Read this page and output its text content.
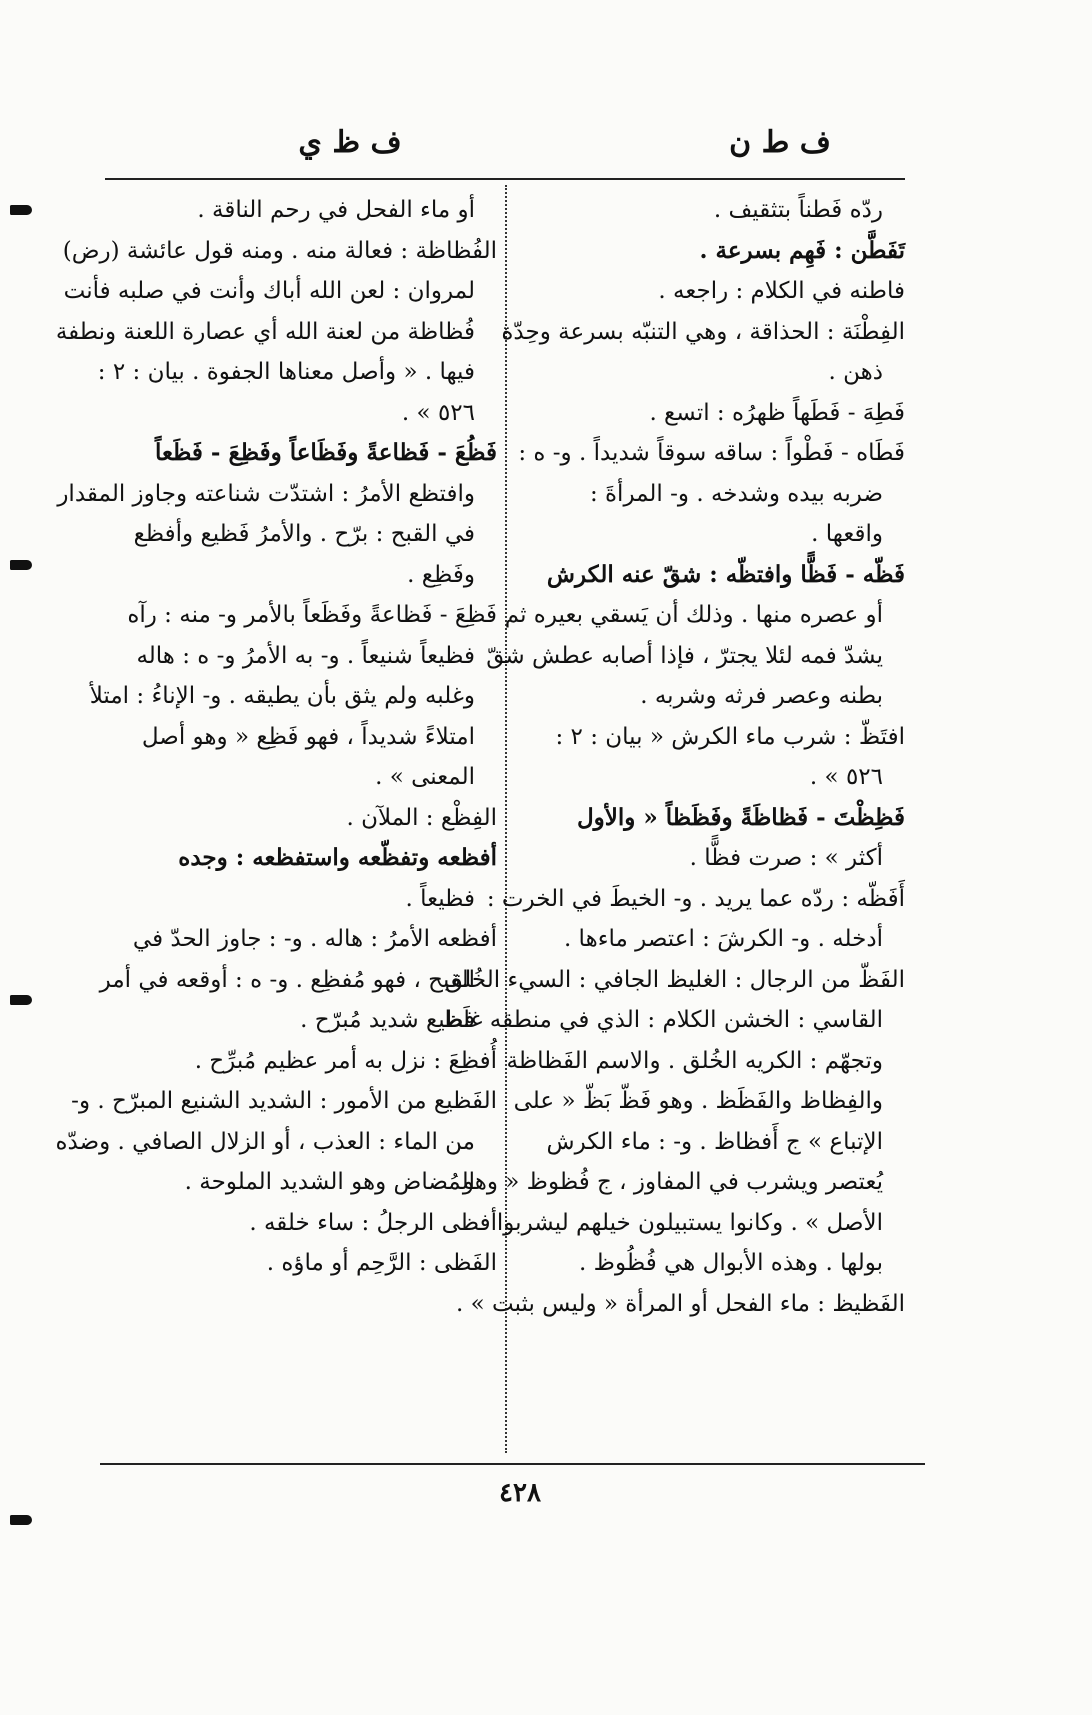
ف ط ن
ف ظ ي
ردّه فَطناً بتثقيف .
تَفَطَّن : فَهِم بسرعة .
فاطنه في الكلام : راجعه .
الفِطْنَة : الحذاقة ، وهي التنبّه بسرعة وحِدّة
ذهن .
فَطِهَ - فَطَهاً ظهرُه : اتسع .
فَطَاه - فَطْواً : ساقه سوقاً شديداً . و- ه :
ضربه بيده وشدخه . و- المرأةَ :
واقعها .
فَظّه - فَظًّا وافتظّه : شقّ عنه الكرش
أو عصره منها . وذلك أن يَسقي بعيره ثم
يشدّ فمه لئلا يجترّ ، فإذا أصابه عطش شقّ
بطنه وعصر فرثه وشربه .
افتَظّ : شرب ماء الكرش « بيان : ٢ :
٥٢٦ » .
فَظِظْتَ - فَظاظَةً وفَظَظاً « والأول
أكثر » : صرت فظًّا .
أَفَظّه : ردّه عما يريد . و- الخيطَ في الخرت :
أدخله . و- الكرشَ : اعتصر ماءها .
الفَظّ من الرجال : الغليظ الجافي : السيء الخُلق
القاسي : الخشن الكلام : الذي في منطقه غلَظ
وتجهّم : الكريه الخُلق . والاسم الفَظاظة
والفِظاظ والفَظَظ . وهو فَظّ بَظّ « على
الإتباع » ج أَفظاظ . و- : ماء الكرش
يُعتصر ويشرب في المفاوز ، ج فُظوظ « وهو
الأصل » . وكانوا يستبيلون خيلهم ليشربوا
بولها . وهذه الأبوال هي فُظُوظ .
الفَظيظ : ماء الفحل أو المرأة « وليس بثبت » .
أو ماء الفحل في رحم الناقة .
الفُظاظة : فعالة منه . ومنه قول عائشة (رض)
لمروان : لعن الله أباك وأنت في صلبه فأنت
فُظاظة من لعنة الله أي عصارة اللعنة ونطفة
فيها . « وأصل معناها الجفوة . بيان : ٢ :
٥٢٦ » .
فَظُعَ - فَظاعةً وفَظَاعاً وفَظِعَ - فَظَعاً
وافتظع الأمرُ : اشتدّت شناعته وجاوز المقدار
في القبح : برّح . والأمرُ فَظيع وأفظع
وفَظِع .
فَظِعَ - فَظاعةً وفَظَعاً بالأمر و- منه : رآه
فظيعاً شنيعاً . و- به الأمرُ و- ه : هاله
وغلبه ولم يثق بأن يطيقه . و- الإناءُ : امتلأ
امتلاءً شديداً ، فهو فَظِع « وهو أصل
المعنى » .
الفِظْع : الملآن .
أفظعه وتفظّعه واستفظعه : وجده
فظيعاً .
أفظعه الأمرُ : هاله . و- : جاوز الحدّ في
القبح ، فهو مُفظِع . و- ه : أوقعه في أمر
فظيع شديد مُبرّح .
أُفظِعَ : نزل به أمر عظيم مُبرِّح .
الفَظيع من الأمور : الشديد الشنيع المبرّح . و-
من الماء : العذب ، أو الزلال الصافي . وضدّه
المُضاض وهو الشديد الملوحة .
أفظى الرجلُ : ساء خلقه .
الفَظى : الرَّحِم أو ماؤه .
٤٢٨
